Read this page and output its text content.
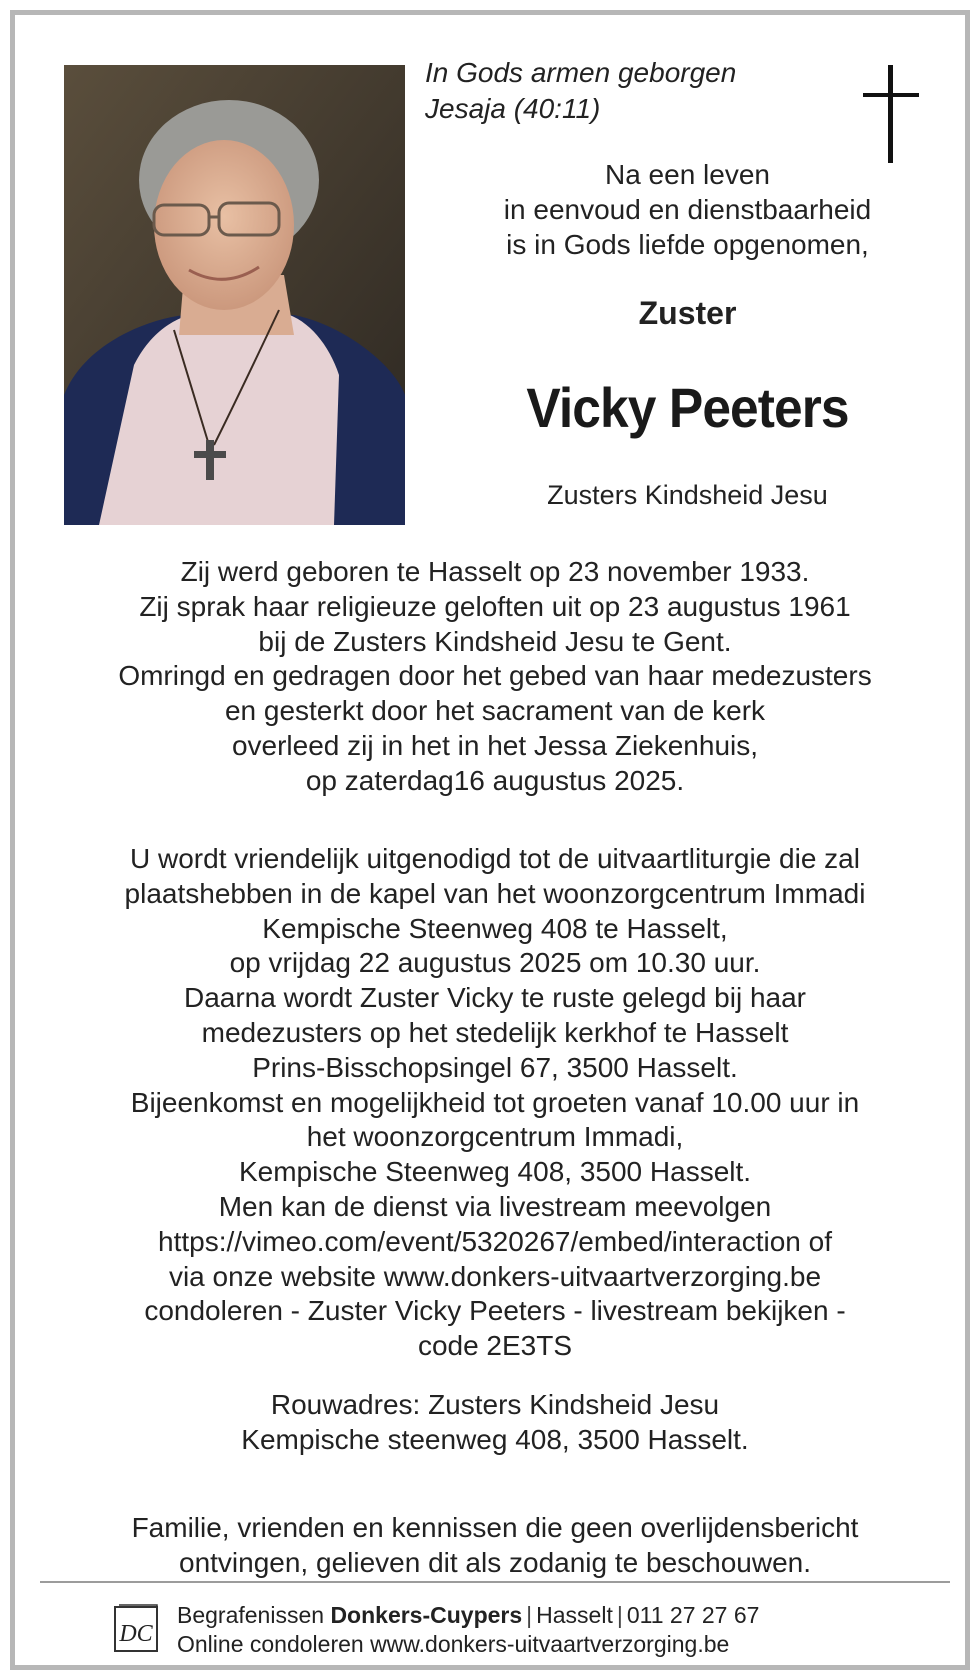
In Gods armen geborgen
Jesaja (40:11)
Na een leven
in eenvoud en dienstbaarheid
is in Gods liefde opgenomen,
Zuster
Vicky Peeters
Zusters Kindsheid Jesu
Zij werd geboren te Hasselt op 23 november 1933.
Zij sprak haar religieuze geloften uit op 23 augustus 1961
bij de Zusters Kindsheid Jesu te Gent.
Omringd en gedragen door het gebed van haar medezusters
en gesterkt door het sacrament van de kerk
overleed zij in het in het Jessa Ziekenhuis,
op zaterdag16 augustus 2025.
U wordt vriendelijk uitgenodigd tot de uitvaartliturgie die zal
plaatshebben in de kapel van het woonzorgcentrum Immadi
Kempische Steenweg 408 te Hasselt,
op vrijdag 22 augustus 2025 om 10.30 uur.
Daarna wordt Zuster Vicky te ruste gelegd bij haar
medezusters op het stedelijk kerkhof te Hasselt
Prins-Bisschopsingel 67, 3500 Hasselt.
Bijeenkomst en mogelijkheid tot groeten vanaf 10.00 uur in
het woonzorgcentrum Immadi,
Kempische Steenweg 408, 3500 Hasselt.
Men kan de dienst via livestream meevolgen
https://vimeo.com/event/5320267/embed/interaction of
via onze website www.donkers-uitvaartverzorging.be
condoleren - Zuster Vicky Peeters - livestream bekijken -
code 2E3TS
Rouwadres: Zusters Kindsheid Jesu
Kempische steenweg 408, 3500 Hasselt.
Familie, vrienden en kennissen die geen overlijdensbericht
ontvingen, gelieven dit als zodanig te beschouwen.
DC
Begrafenissen Donkers-Cuypers | Hasselt | 011 27 27 67
Online condoleren www.donkers-uitvaartverzorging.be
